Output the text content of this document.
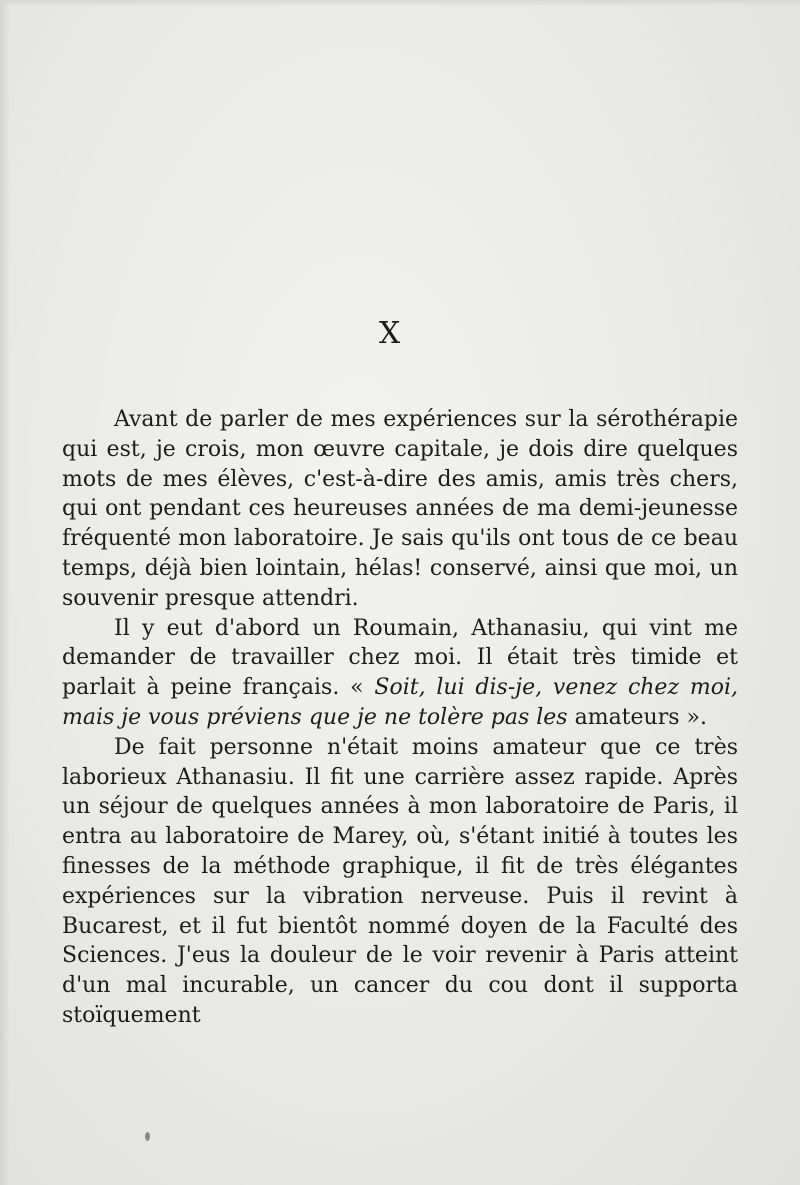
X

Avant de parler de mes expériences sur la sérothérapie qui est, je crois, mon œuvre capitale, je dois dire quelques mots de mes élèves, c'est-à-dire des amis, amis très chers, qui ont pendant ces heureuses années de ma demi-jeunesse fréquenté mon laboratoire. Je sais qu'ils ont tous de ce beau temps, déjà bien lointain, hélas! conservé, ainsi que moi, un souvenir presque attendri.

Il y eut d'abord un Roumain, Athanasiu, qui vint me demander de travailler chez moi. Il était très timide et parlait à peine français. « Soit, lui dis-je, venez chez moi, mais je vous préviens que je ne tolère pas les amateurs ».

De fait personne n'était moins amateur que ce très laborieux Athanasiu. Il fit une carrière assez rapide. Après un séjour de quelques années à mon laboratoire de Paris, il entra au laboratoire de Marey, où, s'étant initié à toutes les finesses de la méthode graphique, il fit de très élégantes expériences sur la vibration nerveuse. Puis il revint à Bucarest, et il fut bientôt nommé doyen de la Faculté des Sciences. J'eus la douleur de le voir revenir à Paris atteint d'un mal incurable, un cancer du cou dont il supporta stoïquement
